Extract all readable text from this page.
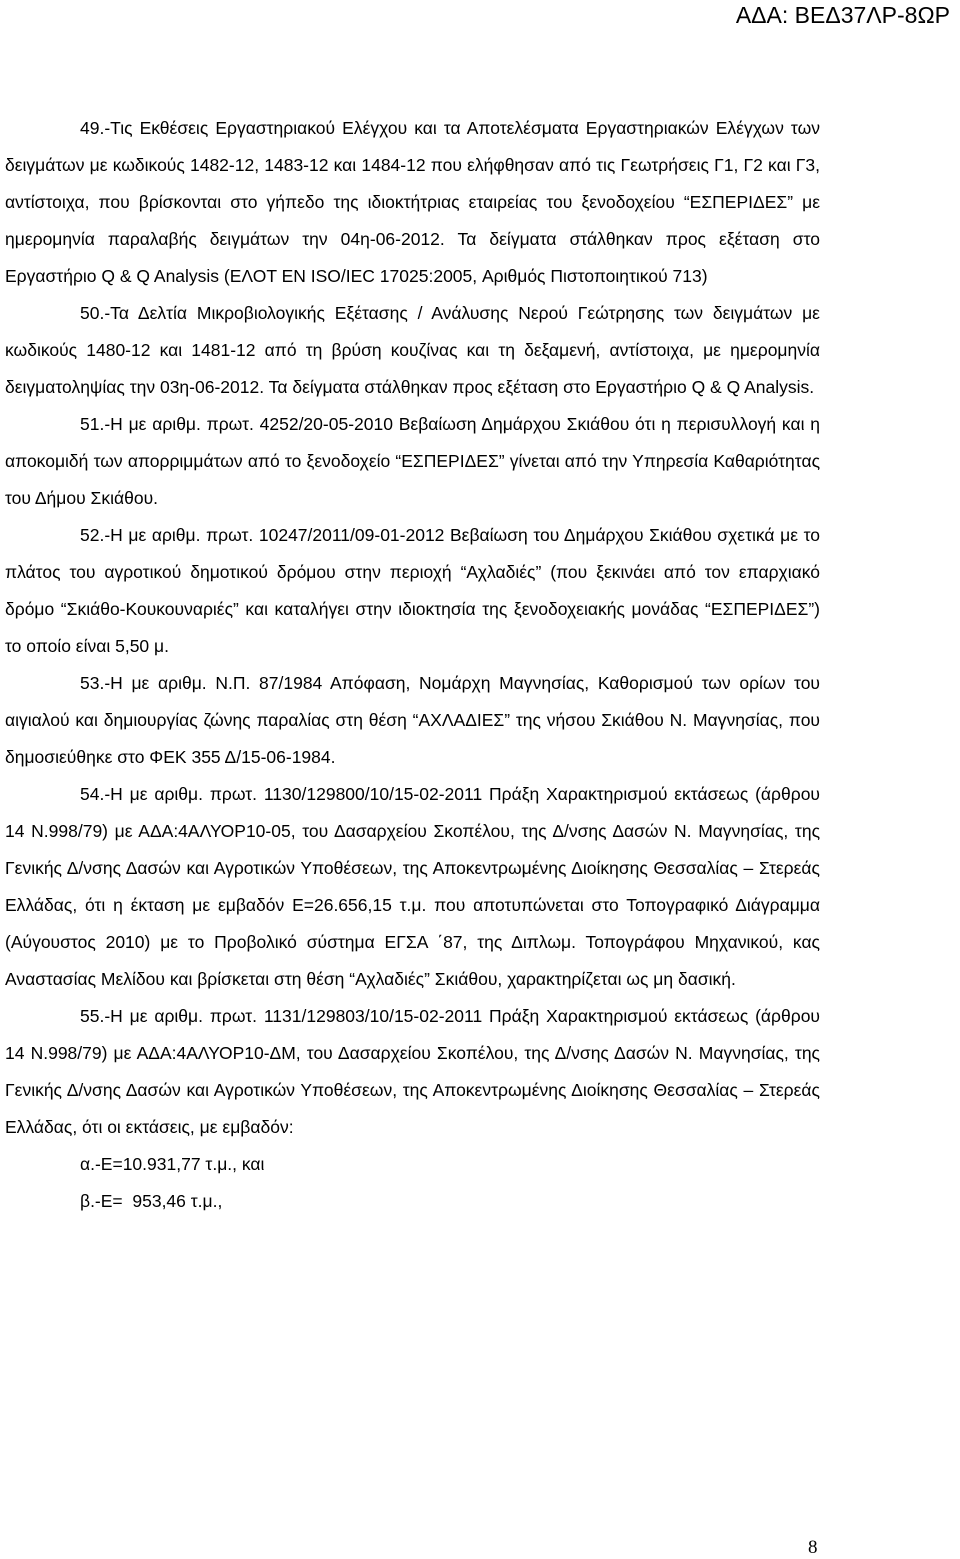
ΑΔΑ: ΒΕΔ37ΛΡ-8ΩΡ

49.-Τις Εκθέσεις Εργαστηριακού Ελέγχου και τα Αποτελέσματα Εργαστηριακών Ελέγχων των δειγμάτων με κωδικούς 1482-12, 1483-12 και 1484-12 που ελήφθησαν από τις Γεωτρήσεις Γ1, Γ2 και Γ3, αντίστοιχα, που βρίσκονται στο γήπεδο της ιδιοκτήτριας εταιρείας του ξενοδοχείου “ΕΣΠΕΡΙΔΕΣ” με ημερομηνία παραλαβής δειγμάτων την 04η-06-2012. Τα δείγματα στάλθηκαν προς εξέταση στο Εργαστήριο Q & Q Analysis (ΕΛΟΤ ΕΝ ISO/IEC 17025:2005, Αριθμός Πιστοποιητικού 713)

50.-Τα Δελτία Μικροβιολογικής Εξέτασης / Ανάλυσης Νερού Γεώτρησης των δειγμάτων με κωδικούς 1480-12 και 1481-12 από τη βρύση κουζίνας και τη δεξαμενή, αντίστοιχα, με ημερομηνία δειγματοληψίας την 03η-06-2012. Τα δείγματα στάλθηκαν προς εξέταση στο Εργαστήριο Q & Q Analysis.

51.-Η με αριθμ. πρωτ. 4252/20-05-2010 Βεβαίωση Δημάρχου Σκιάθου ότι η περισυλλογή και η αποκομιδή των απορριμμάτων από το ξενοδοχείο “ΕΣΠΕΡΙΔΕΣ” γίνεται από την Υπηρεσία Καθαριότητας του Δήμου Σκιάθου.

52.-Η με αριθμ. πρωτ. 10247/2011/09-01-2012 Βεβαίωση του Δημάρχου Σκιάθου σχετικά με το πλάτος του αγροτικού δημοτικού δρόμου στην περιοχή “Αχλαδιές” (που ξεκινάει από τον επαρχιακό δρόμο “Σκιάθο-Κουκουναριές” και καταλήγει στην ιδιοκτησία της ξενοδοχειακής μονάδας “ΕΣΠΕΡΙΔΕΣ”) το οποίο είναι 5,50 μ.

53.-Η με αριθμ. Ν.Π. 87/1984 Απόφαση, Νομάρχη Μαγνησίας, Καθορισμού των ορίων του αιγιαλού και δημιουργίας ζώνης παραλίας στη θέση “ΑΧΛΑΔΙΕΣ” της νήσου Σκιάθου Ν. Μαγνησίας, που δημοσιεύθηκε στο ΦΕΚ 355 Δ/15-06-1984.

54.-Η με αριθμ. πρωτ. 1130/129800/10/15-02-2011 Πράξη Χαρακτηρισμού εκτάσεως (άρθρου 14 Ν.998/79) με ΑΔΑ:4ΑΛΥΟΡ10-05, του Δασαρχείου Σκοπέλου, της Δ/νσης Δασών Ν. Μαγνησίας, της Γενικής Δ/νσης Δασών και Αγροτικών Υποθέσεων, της Αποκεντρωμένης Διοίκησης Θεσσαλίας – Στερεάς Ελλάδας, ότι η έκταση με εμβαδόν Ε=26.656,15 τ.μ. που αποτυπώνεται στο Τοπογραφικό Διάγραμμα (Αύγουστος 2010) με το Προβολικό σύστημα ΕΓΣΑ ΄87, της Διπλωμ. Τοπογράφου Μηχανικού, κας Αναστασίας Μελίδου και βρίσκεται στη θέση “Αχλαδιές” Σκιάθου, χαρακτηρίζεται ως μη δασική.

55.-Η με αριθμ. πρωτ. 1131/129803/10/15-02-2011 Πράξη Χαρακτηρισμού εκτάσεως (άρθρου 14 Ν.998/79) με ΑΔΑ:4ΑΛΥΟΡ10-ΔΜ, του Δασαρχείου Σκοπέλου, της Δ/νσης Δασών Ν. Μαγνησίας, της Γενικής Δ/νσης Δασών και Αγροτικών Υποθέσεων, της Αποκεντρωμένης Διοίκησης Θεσσαλίας – Στερεάς Ελλάδας, ότι οι εκτάσεις, με εμβαδόν:

α.-Ε=10.931,77 τ.μ., και

β.-Ε=  953,46 τ.μ.,

8
